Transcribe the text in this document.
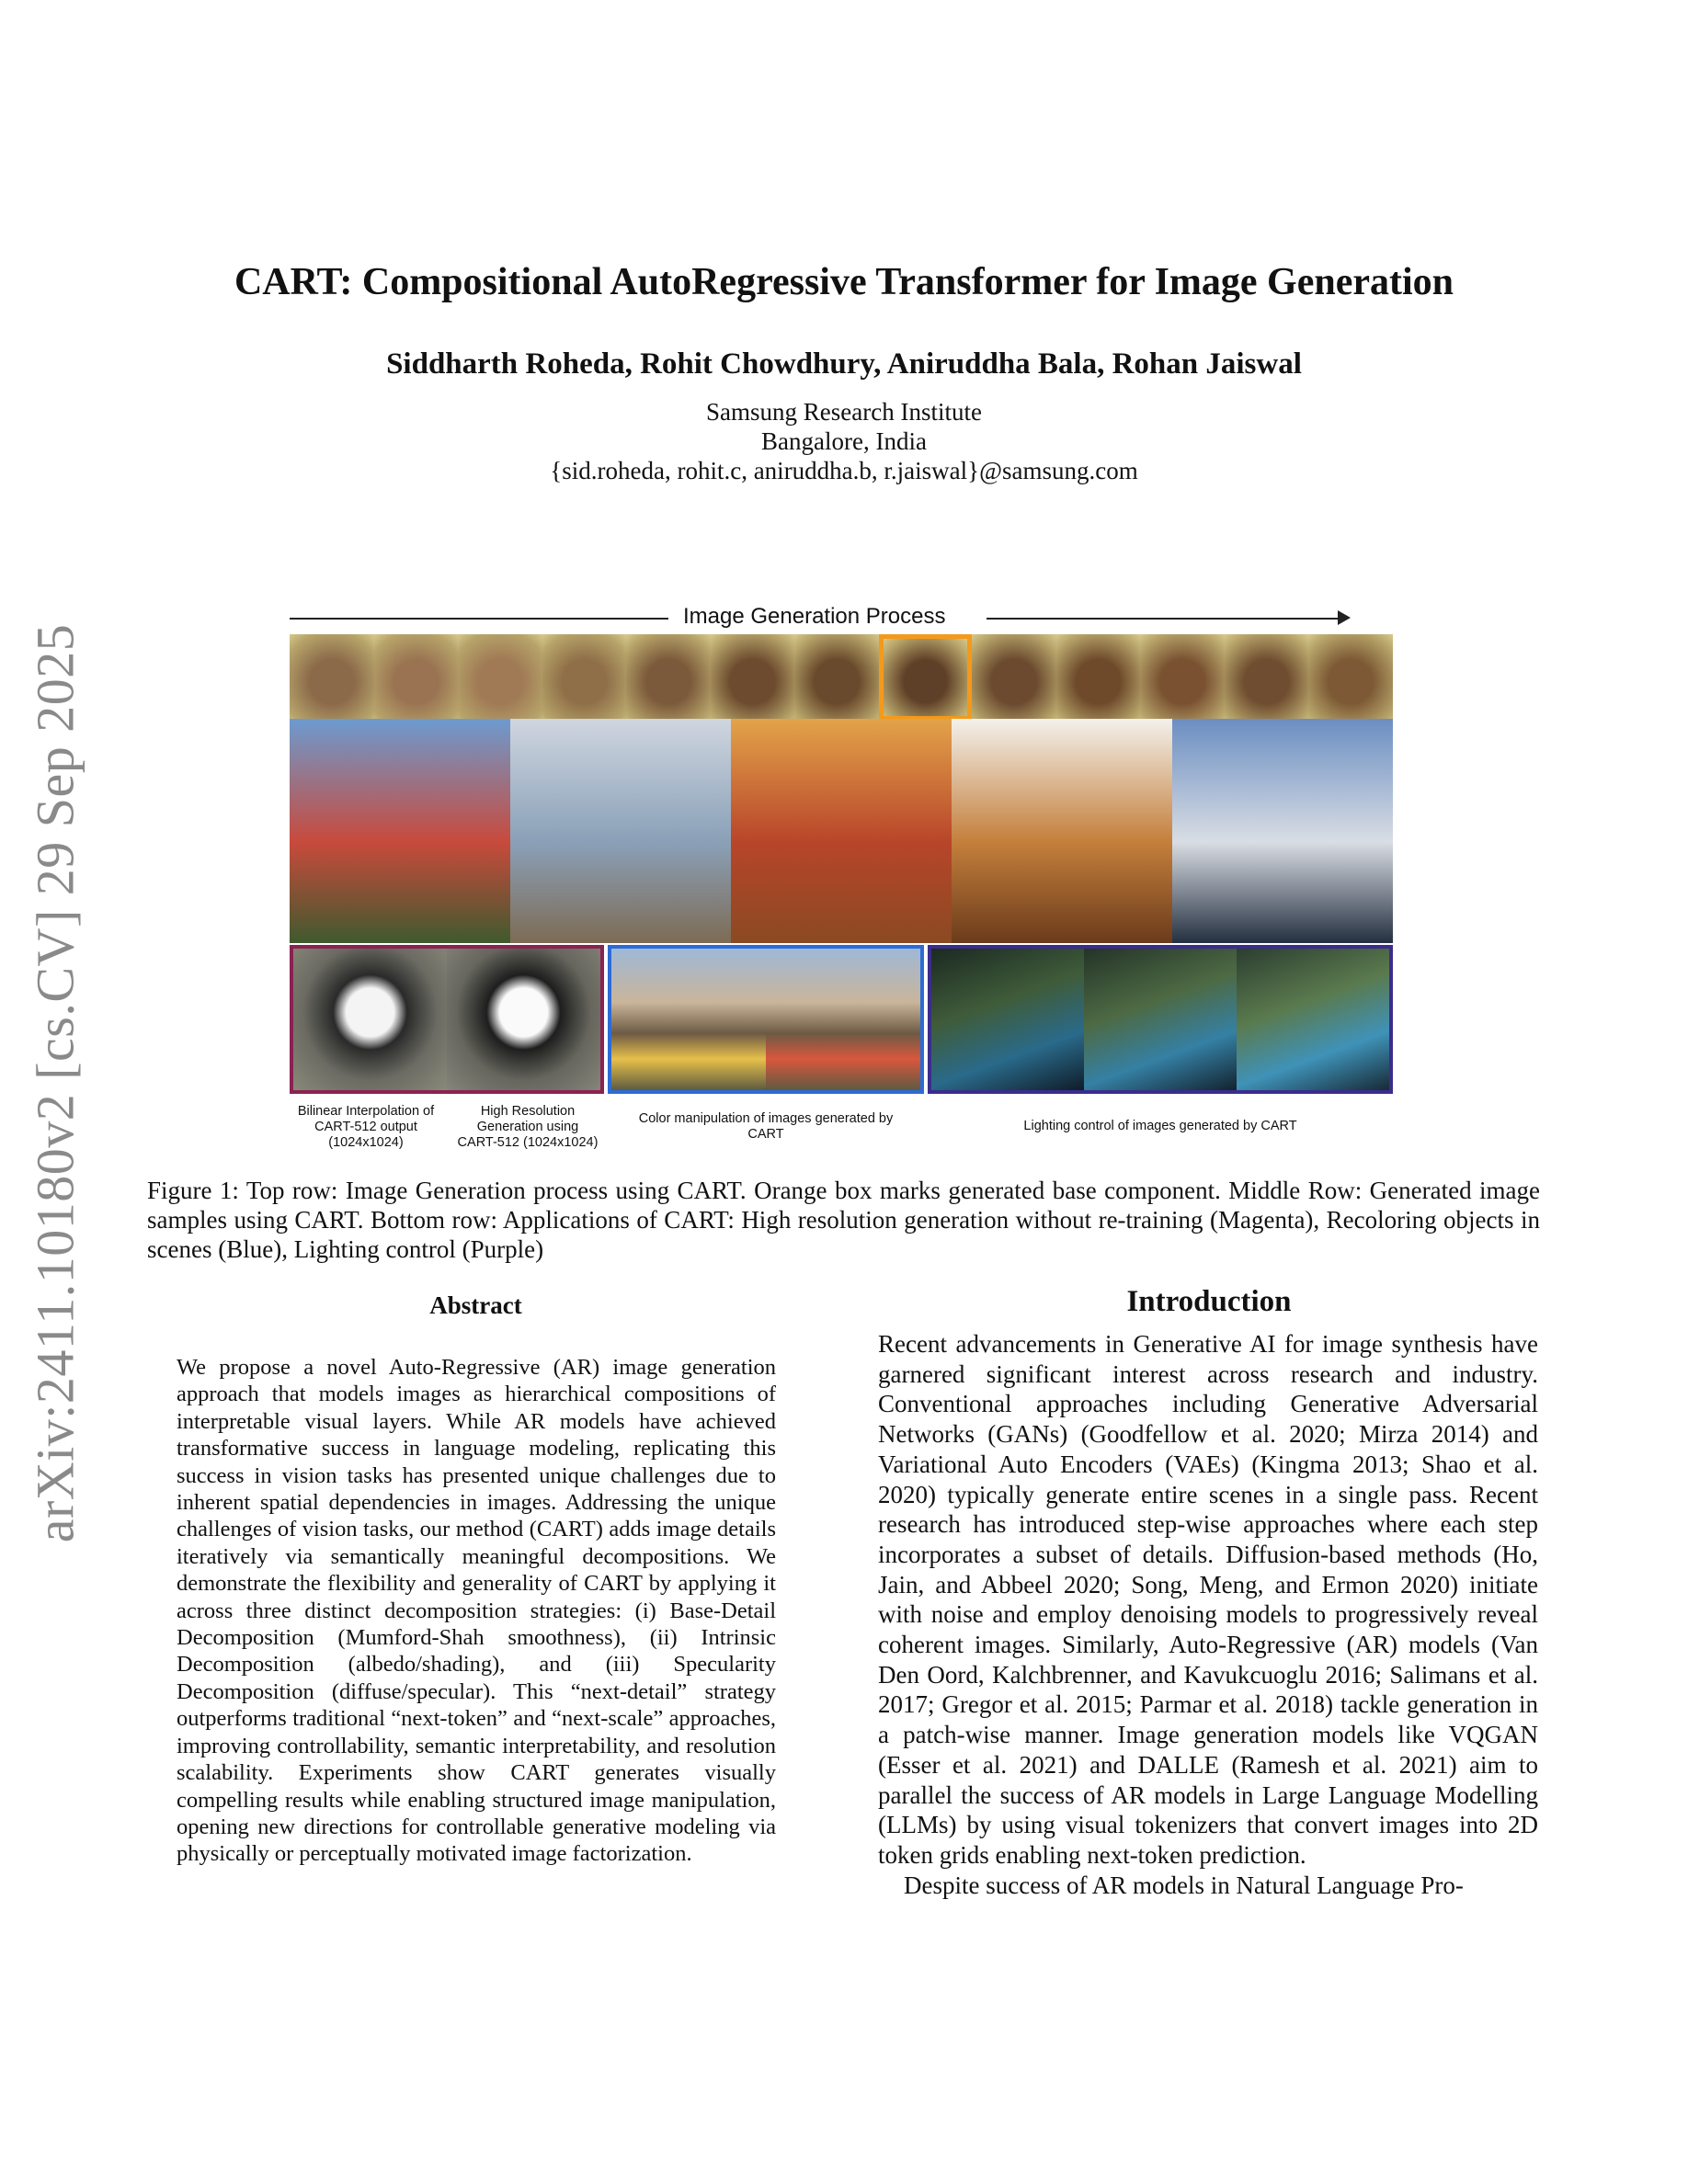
arXiv:2411.10180v2 [cs.CV] 29 Sep 2025
CART: Compositional AutoRegressive Transformer for Image Generation
Siddharth Roheda, Rohit Chowdhury, Aniruddha Bala, Rohan Jaiswal
Samsung Research Institute
Bangalore, India
{sid.roheda, rohit.c, aniruddha.b, r.jaiswal}@samsung.com
Image Generation Process
Bilinear Interpolation of
CART-512 output
(1024x1024)
High Resolution
Generation using
CART-512 (1024x1024)
Color manipulation of images generated by
CART
Lighting control of images generated by CART
Figure 1: Top row: Image Generation process using CART. Orange box marks generated base component. Middle Row: Generated image samples using CART. Bottom row: Applications of CART: High resolution generation without re-training (Magenta), Recoloring objects in scenes (Blue), Lighting control (Purple)
Abstract
We propose a novel Auto-Regressive (AR) image generation approach that models images as hierarchical compositions of interpretable visual layers. While AR models have achieved transformative success in language modeling, replicating this success in vision tasks has presented unique challenges due to inherent spatial dependencies in images. Addressing the unique challenges of vision tasks, our method (CART) adds image details iteratively via semantically meaningful decompositions. We demonstrate the flexibility and generality of CART by applying it across three distinct decomposition strategies: (i) Base-Detail Decomposition (Mumford-Shah smoothness), (ii) Intrinsic Decomposition (albedo/shading), and (iii) Specularity Decomposition (diffuse/specular). This “next-detail” strategy outperforms traditional “next-token” and “next-scale” approaches, improving controllability, semantic interpretability, and resolution scalability. Experiments show CART generates visually compelling results while enabling structured image manipulation, opening new directions for controllable generative modeling via physically or perceptually motivated image factorization.
Introduction

Recent advancements in Generative AI for image synthesis have garnered significant interest across research and industry. Conventional approaches including Generative Adversarial Networks (GANs) (Goodfellow et al. 2020; Mirza 2014) and Variational Auto Encoders (VAEs) (Kingma 2013; Shao et al. 2020) typically generate entire scenes in a single pass. Recent research has introduced step-wise approaches where each step incorporates a subset of details. Diffusion-based methods (Ho, Jain, and Abbeel 2020; Song, Meng, and Ermon 2020) initiate with noise and employ denoising models to progressively reveal coherent images. Similarly, Auto-Regressive (AR) models (Van Den Oord, Kalchbrenner, and Kavukcuoglu 2016; Salimans et al. 2017; Gregor et al. 2015; Parmar et al. 2018) tackle generation in a patch-wise manner. Image generation models like VQGAN (Esser et al. 2021) and DALLE (Ramesh et al. 2021) aim to parallel the success of AR models in Large Language Modelling (LLMs) by using visual tokenizers that convert images into 2D token grids enabling next-token prediction.

Despite success of AR models in Natural Language Pro-
